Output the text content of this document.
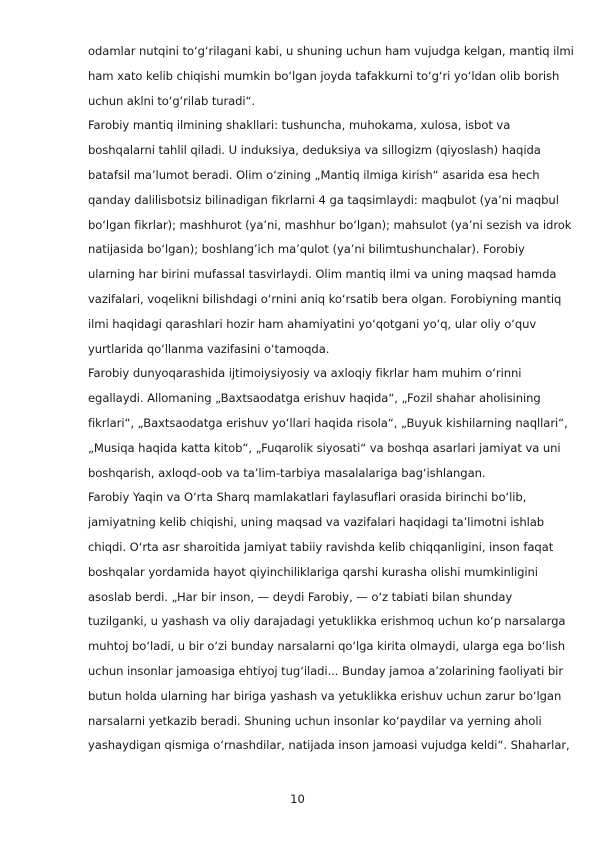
odamlar nutqini to‘g‘rilagani kabi, u shuning uchun ham vujudga kelgan, mantiq ilmi
ham xato kelib chiqishi mumkin bo‘lgan joyda tafakkurni to‘g‘ri yo‘ldan olib borish
uchun aklni to‘g‘rilab turadi“.
Farobiy mantiq ilmining shakllari: tushuncha, muhokama, xulosa, isbot va
boshqalarni tahlil qiladi. U induksiya, deduksiya va sillogizm (qiyoslash) haqida
batafsil ma’lumot beradi. Olim o‘zining „Mantiq ilmiga kirish“ asarida esa hech
qanday dalilisbotsiz bilinadigan fikrlarni 4 ga taqsimlaydi: maqbulot (ya’ni maqbul
bo‘lgan fikrlar); mashhurot (ya’ni, mashhur bo‘lgan); mahsulot (ya’ni sezish va idrok
natijasida bo‘lgan); boshlang’ich ma’qulot (ya’ni bilimtushunchalar). Forobiy
ularning har birini mufassal tasvirlaydi. Olim mantiq ilmi va uning maqsad hamda
vazifalari, voqelikni bilishdagi o‘rnini aniq ko‘rsatib bera olgan. Forobiyning mantiq
ilmi haqidagi qarashlari hozir ham ahamiyatini yo‘qotgani yo‘q, ular oliy o‘quv
yurtlarida qo‘llanma vazifasini o‘tamoqda.
Farobiy dunyoqarashida ijtimoiysiyosiy va axloqiy fikrlar ham muhim o‘rinni
egallaydi. Allomaning „Baxtsaodatga erishuv haqida“, „Fozil shahar aholisining
fikrlari“, „Baxtsaodatga erishuv yo‘llari haqida risola“, „Buyuk kishilarning naqllari“,
„Musiqa haqida katta kitob“, „Fuqarolik siyosati“ va boshqa asarlari jamiyat va uni
boshqarish, axloqd-oob va ta’lim-tarbiya masalalariga bag‘ishlangan.
Farobiy Yaqin va O‘rta Sharq mamlakatlari faylasuflari orasida birinchi bo‘lib,
jamiyatning kelib chiqishi, uning maqsad va vazifalari haqidagi ta’limotni ishlab
chiqdi. O‘rta asr sharoitida jamiyat tabiiy ravishda kelib chiqqanligini, inson faqat
boshqalar yordamida hayot qiyinchiliklariga qarshi kurasha olishi mumkinligini
asoslab berdi. „Har bir inson, — deydi Farobiy, — o‘z tabiati bilan shunday
tuzilganki, u yashash va oliy darajadagi yetuklikka erishmoq uchun ko‘p narsalarga
muhtoj bo‘ladi, u bir o‘zi bunday narsalarni qo‘lga kirita olmaydi, ularga ega bo‘lish
uchun insonlar jamoasiga ehtiyoj tug‘iladi... Bunday jamoa a’zolarining faoliyati bir
butun holda ularning har biriga yashash va yetuklikka erishuv uchun zarur bo‘lgan
narsalarni yetkazib beradi. Shuning uchun insonlar ko‘paydilar va yerning aholi
yashaydigan qismiga o‘rnashdilar, natijada inson jamoasi vujudga keldi“. Shaharlar,
10
